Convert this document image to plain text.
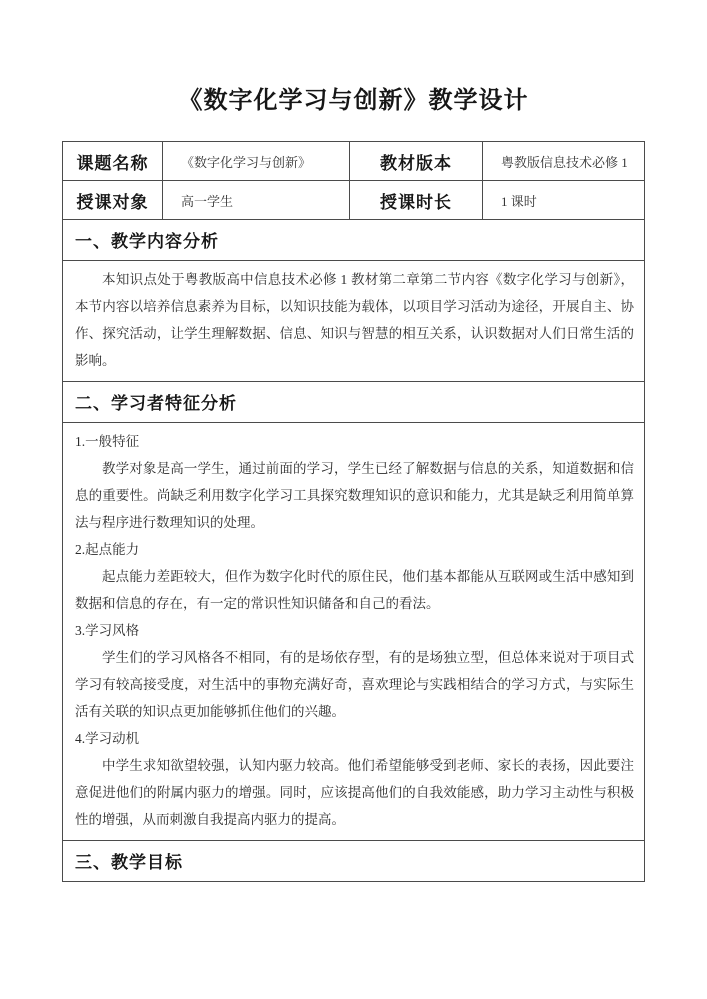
《数字化学习与创新》教学设计
课题名称	《数字化学习与创新》	教材版本	粤教版信息技术必修 1
授课对象	高一学生	授课时长	1 课时
一、教学内容分析			

本知识点处于粤教版高中信息技术必修 1 教材第二章第二节内容《数字化学习与创新》，本节内容以培养信息素养为目标，以知识技能为载体，以项目学习活动为途径，开展自主、协作、探究活动，让学生理解数据、信息、知识与智慧的相互关系，认识数据对人们日常生活的影响。			

二、学习者特征分析			

1.一般特征

教学对象是高一学生，通过前面的学习，学生已经了解数据与信息的关系，知道数据和信息的重要性。尚缺乏利用数字化学习工具探究数理知识的意识和能力，尤其是缺乏利用简单算法与程序进行数理知识的处理。

2.起点能力

起点能力差距较大，但作为数字化时代的原住民，他们基本都能从互联网或生活中感知到数据和信息的存在，有一定的常识性知识储备和自己的看法。

3.学习风格

学生们的学习风格各不相同，有的是场依存型，有的是场独立型，但总体来说对于项目式学习有较高接受度，对生活中的事物充满好奇，喜欢理论与实践相结合的学习方式，与实际生活有关联的知识点更加能够抓住他们的兴趣。

4.学习动机

中学生求知欲望较强，认知内驱力较高。他们希望能够受到老师、家长的表扬，因此要注意促进他们的附属内驱力的增强。同时，应该提高他们的自我效能感，助力学习主动性与积极性的增强，从而刺激自我提高内驱力的提高。

三、教学目标			
